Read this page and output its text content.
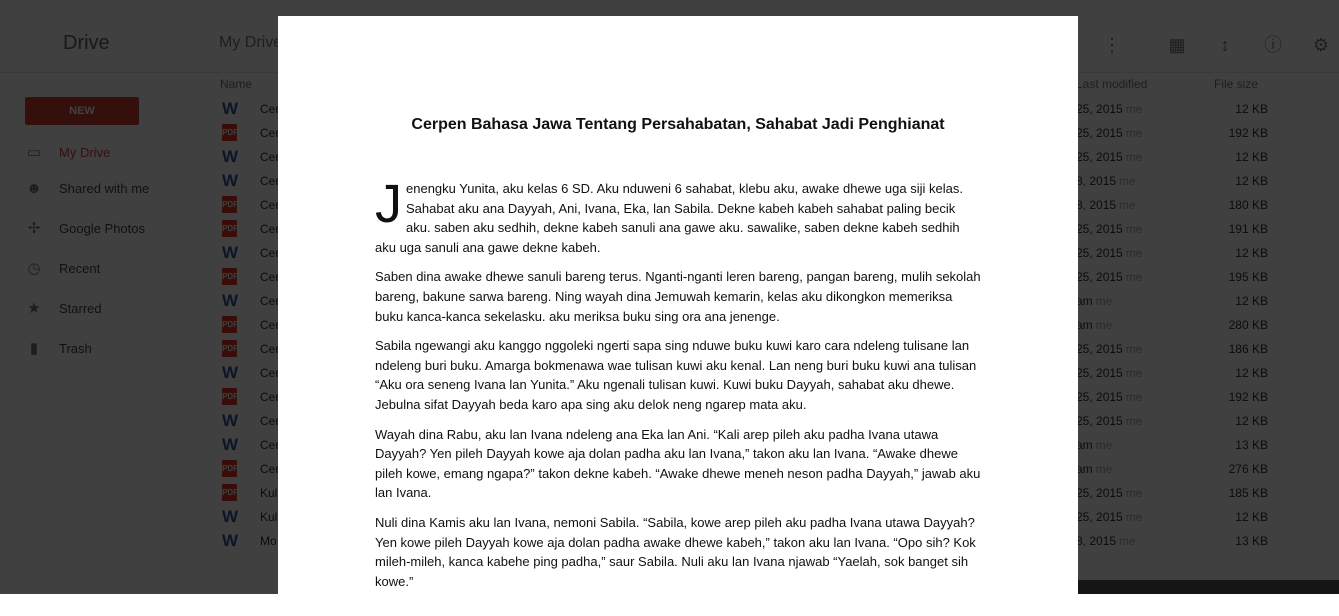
Cerpen Bahasa Jawa Tentang Persahabatan, Sahabat Jadi Penghianat

Jenengku Yunita, aku kelas 6 SD. Aku nduweni 6 sahabat, klebu aku, awake dhewe uga siji kelas. Sahabat aku ana Dayyah, Ani, Ivana, Eka, lan Sabila. Dekne kabeh kabeh sahabat paling becik aku. saben aku sedhih, dekne kabeh sanuli ana gawe aku. sawalike, saben dekne kabeh sedhih aku uga sanuli ana gawe dekne kabeh.

Saben dina awake dhewe sanuli bareng terus. Nganti-nganti leren bareng, pangan bareng, mulih sekolah bareng, bakune sarwa bareng. Ning wayah dina Jemuwah kemarin, kelas aku dikongkon memeriksa buku kanca-kanca sekelasku. aku meriksa buku sing ora ana jenenge.

Sabila ngewangi aku kanggo nggoleki ngerti sapa sing nduwe buku kuwi karo cara ndeleng tulisane lan ndeleng buri buku. Amarga bokmenawa wae tulisan kuwi aku kenal. Lan neng buri buku kuwi ana tulisan “Aku ora seneng Ivana lan Yunita.” Aku ngenali tulisan kuwi. Kuwi buku Dayyah, sahabat aku dhewe. Jebulna sifat Dayyah beda karo apa sing aku delok neng ngarep mata aku.

Wayah dina Rabu, aku lan Ivana ndeleng ana Eka lan Ani. “Kali arep pileh aku padha Ivana utawa Dayyah? Yen pileh Dayyah kowe aja dolan padha aku lan Ivana,” takon aku lan Ivana. “Awake dhewe pileh kowe, emang ngapa?” takon dekne kabeh. “Awake dhewe meneh neson padha Dayyah,” jawab aku lan Ivana.

Nuli dina Kamis aku lan Ivana, nemoni Sabila. “Sabila, kowe arep pileh aku padha Ivana utawa Dayyah? Yen kowe pileh Dayyah kowe aja dolan padha awake dhewe kabeh,” takon aku lan Ivana. “Opo sih? Kok mileh-mileh, kanca kabehe ping padha,” saur Sabila. Nuli aku lan Ivana njawab “Yaelah, sok banget sih kowe.”
